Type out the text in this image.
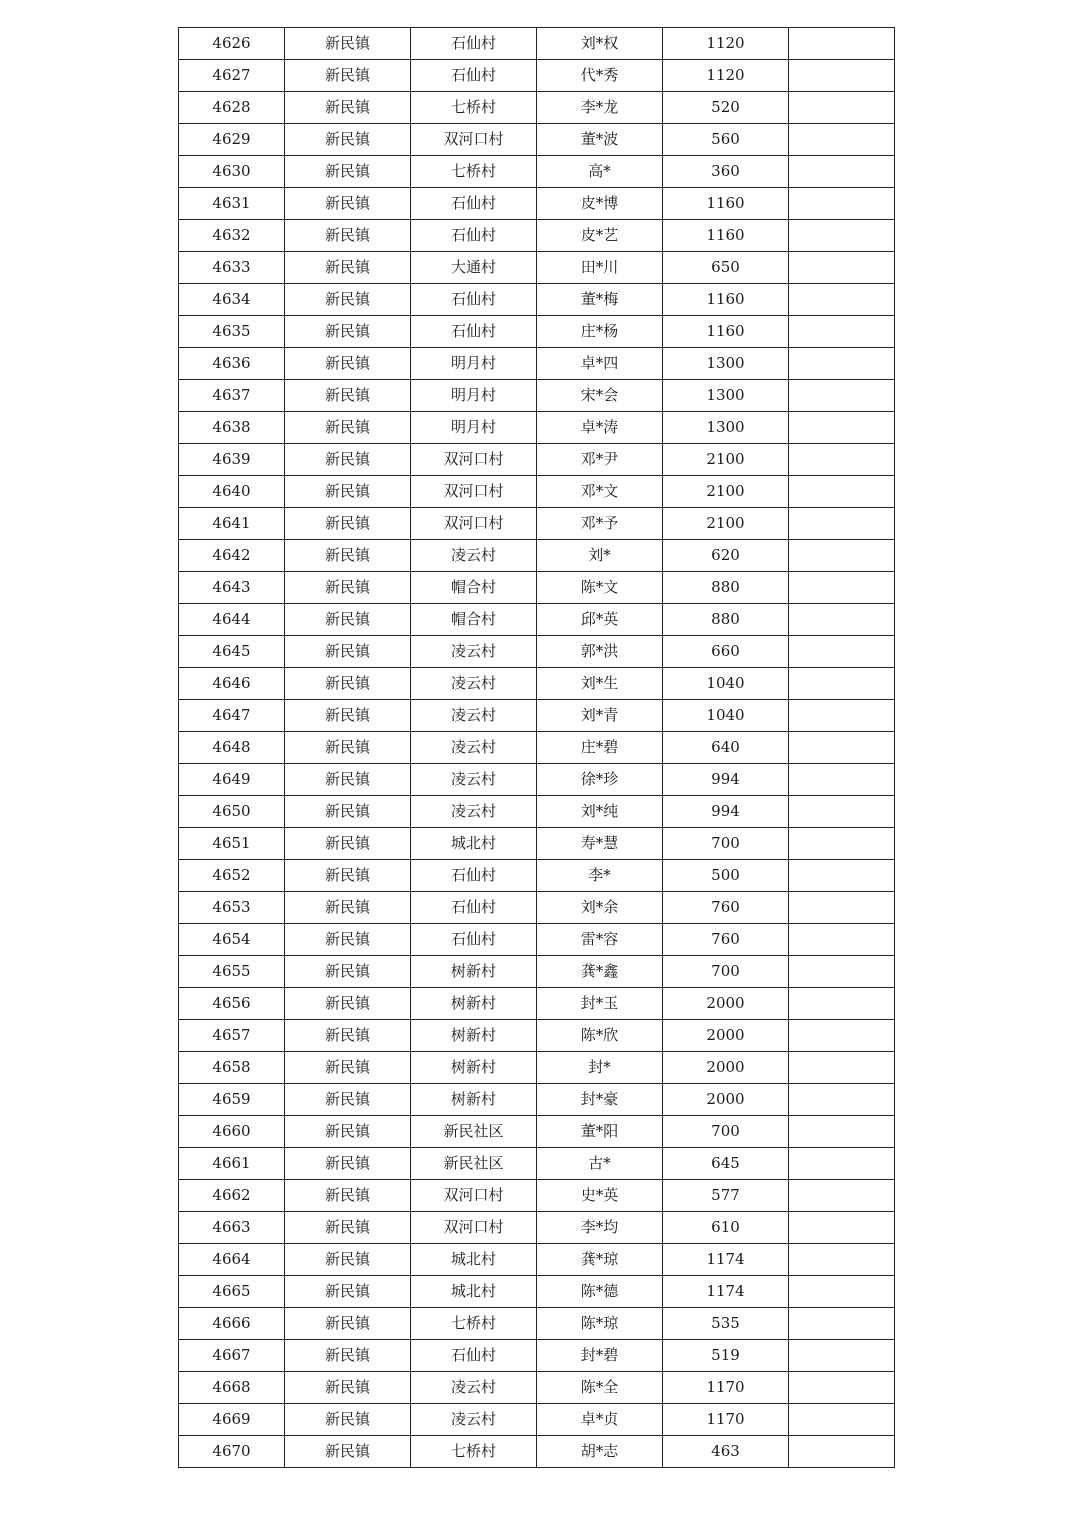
4626	新民镇	石仙村	刘*权	1120	
4627	新民镇	石仙村	代*秀	1120	
4628	新民镇	七桥村	李*龙	520	
4629	新民镇	双河口村	董*波	560	
4630	新民镇	七桥村	高*	360	
4631	新民镇	石仙村	皮*博	1160	
4632	新民镇	石仙村	皮*艺	1160	
4633	新民镇	大通村	田*川	650	
4634	新民镇	石仙村	董*梅	1160	
4635	新民镇	石仙村	庄*杨	1160	
4636	新民镇	明月村	卓*四	1300	
4637	新民镇	明月村	宋*会	1300	
4638	新民镇	明月村	卓*涛	1300	
4639	新民镇	双河口村	邓*尹	2100	
4640	新民镇	双河口村	邓*文	2100	
4641	新民镇	双河口村	邓*予	2100	
4642	新民镇	凌云村	刘*	620	
4643	新民镇	帽合村	陈*文	880	
4644	新民镇	帽合村	邱*英	880	
4645	新民镇	凌云村	郭*洪	660	
4646	新民镇	凌云村	刘*生	1040	
4647	新民镇	凌云村	刘*青	1040	
4648	新民镇	凌云村	庄*碧	640	
4649	新民镇	凌云村	徐*珍	994	
4650	新民镇	凌云村	刘*纯	994	
4651	新民镇	城北村	寿*慧	700	
4652	新民镇	石仙村	李*	500	
4653	新民镇	石仙村	刘*余	760	
4654	新民镇	石仙村	雷*容	760	
4655	新民镇	树新村	龚*鑫	700	
4656	新民镇	树新村	封*玉	2000	
4657	新民镇	树新村	陈*欣	2000	
4658	新民镇	树新村	封*	2000	
4659	新民镇	树新村	封*豪	2000	
4660	新民镇	新民社区	董*阳	700	
4661	新民镇	新民社区	古*	645	
4662	新民镇	双河口村	史*英	577	
4663	新民镇	双河口村	李*均	610	
4664	新民镇	城北村	龚*琼	1174	
4665	新民镇	城北村	陈*德	1174	
4666	新民镇	七桥村	陈*琼	535	
4667	新民镇	石仙村	封*碧	519	
4668	新民镇	凌云村	陈*全	1170	
4669	新民镇	凌云村	卓*贞	1170	
4670	新民镇	七桥村	胡*志	463	
